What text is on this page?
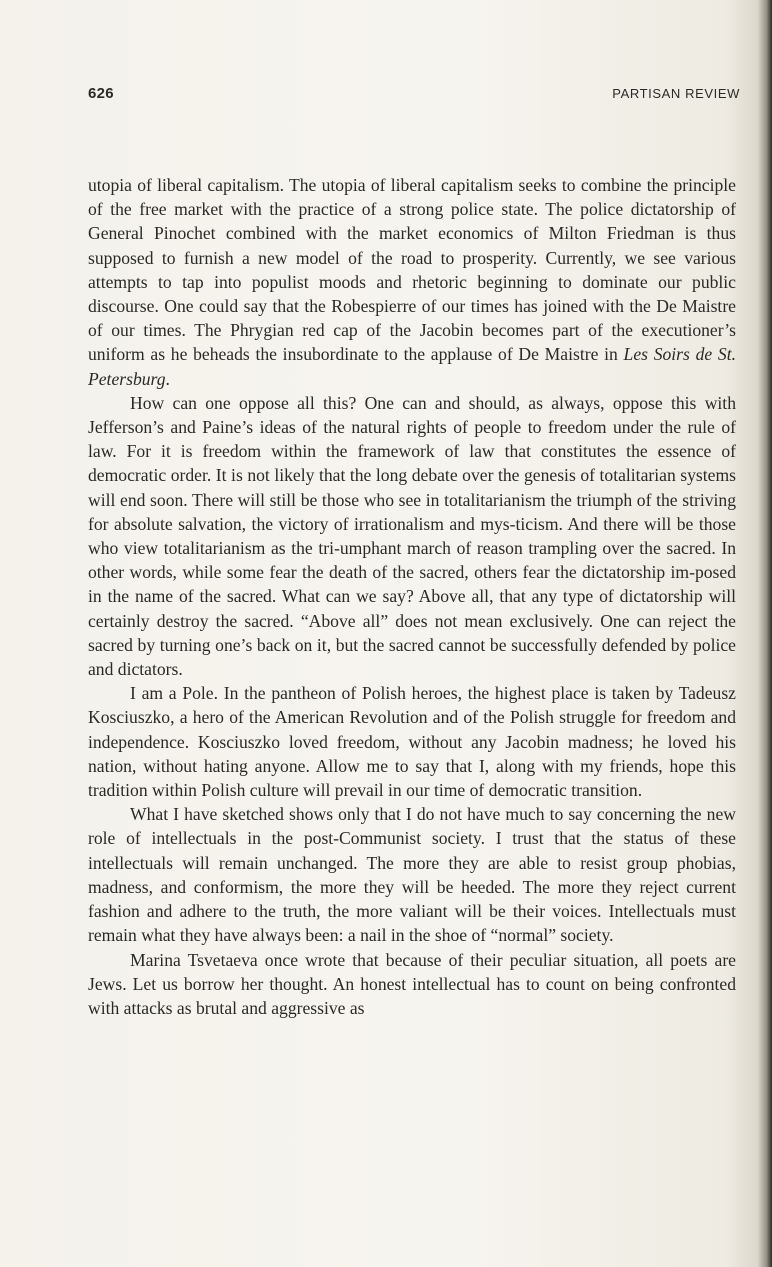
626	PARTISAN REVIEW

utopia of liberal capitalism. The utopia of liberal capitalism seeks to combine the principle of the free market with the practice of a strong police state. The police dictatorship of General Pinochet combined with the market economics of Milton Friedman is thus supposed to furnish a new model of the road to prosperity. Currently, we see various attempts to tap into populist moods and rhetoric beginning to dominate our public discourse. One could say that the Robespierre of our times has joined with the De Maistre of our times. The Phrygian red cap of the Jacobin becomes part of the executioner’s uniform as he beheads the insubordinate to the applause of De Maistre in Les Soirs de St. Petersburg.

How can one oppose all this? One can and should, as always, oppose this with Jefferson’s and Paine’s ideas of the natural rights of people to freedom under the rule of law. For it is freedom within the framework of law that constitutes the essence of democratic order. It is not likely that the long debate over the genesis of totalitarian systems will end soon. There will still be those who see in totalitarianism the triumph of the striving for absolute salvation, the victory of irrationalism and mys-ticism. And there will be those who view totalitarianism as the tri-umphant march of reason trampling over the sacred. In other words, while some fear the death of the sacred, others fear the dictatorship im-posed in the name of the sacred. What can we say? Above all, that any type of dictatorship will certainly destroy the sacred. “Above all” does not mean exclusively. One can reject the sacred by turning one’s back on it, but the sacred cannot be successfully defended by police and dictators.

I am a Pole. In the pantheon of Polish heroes, the highest place is taken by Tadeusz Kosciuszko, a hero of the American Revolution and of the Polish struggle for freedom and independence. Kosciuszko loved freedom, without any Jacobin madness; he loved his nation, without hating anyone. Allow me to say that I, along with my friends, hope this tradition within Polish culture will prevail in our time of democratic transition.

What I have sketched shows only that I do not have much to say concerning the new role of intellectuals in the post-Communist society. I trust that the status of these intellectuals will remain unchanged. The more they are able to resist group phobias, madness, and conformism, the more they will be heeded. The more they reject current fashion and adhere to the truth, the more valiant will be their voices. Intellectuals must remain what they have always been: a nail in the shoe of “normal” society.

Marina Tsvetaeva once wrote that because of their peculiar situation, all poets are Jews. Let us borrow her thought. An honest intellectual has to count on being confronted with attacks as brutal and aggressive as
